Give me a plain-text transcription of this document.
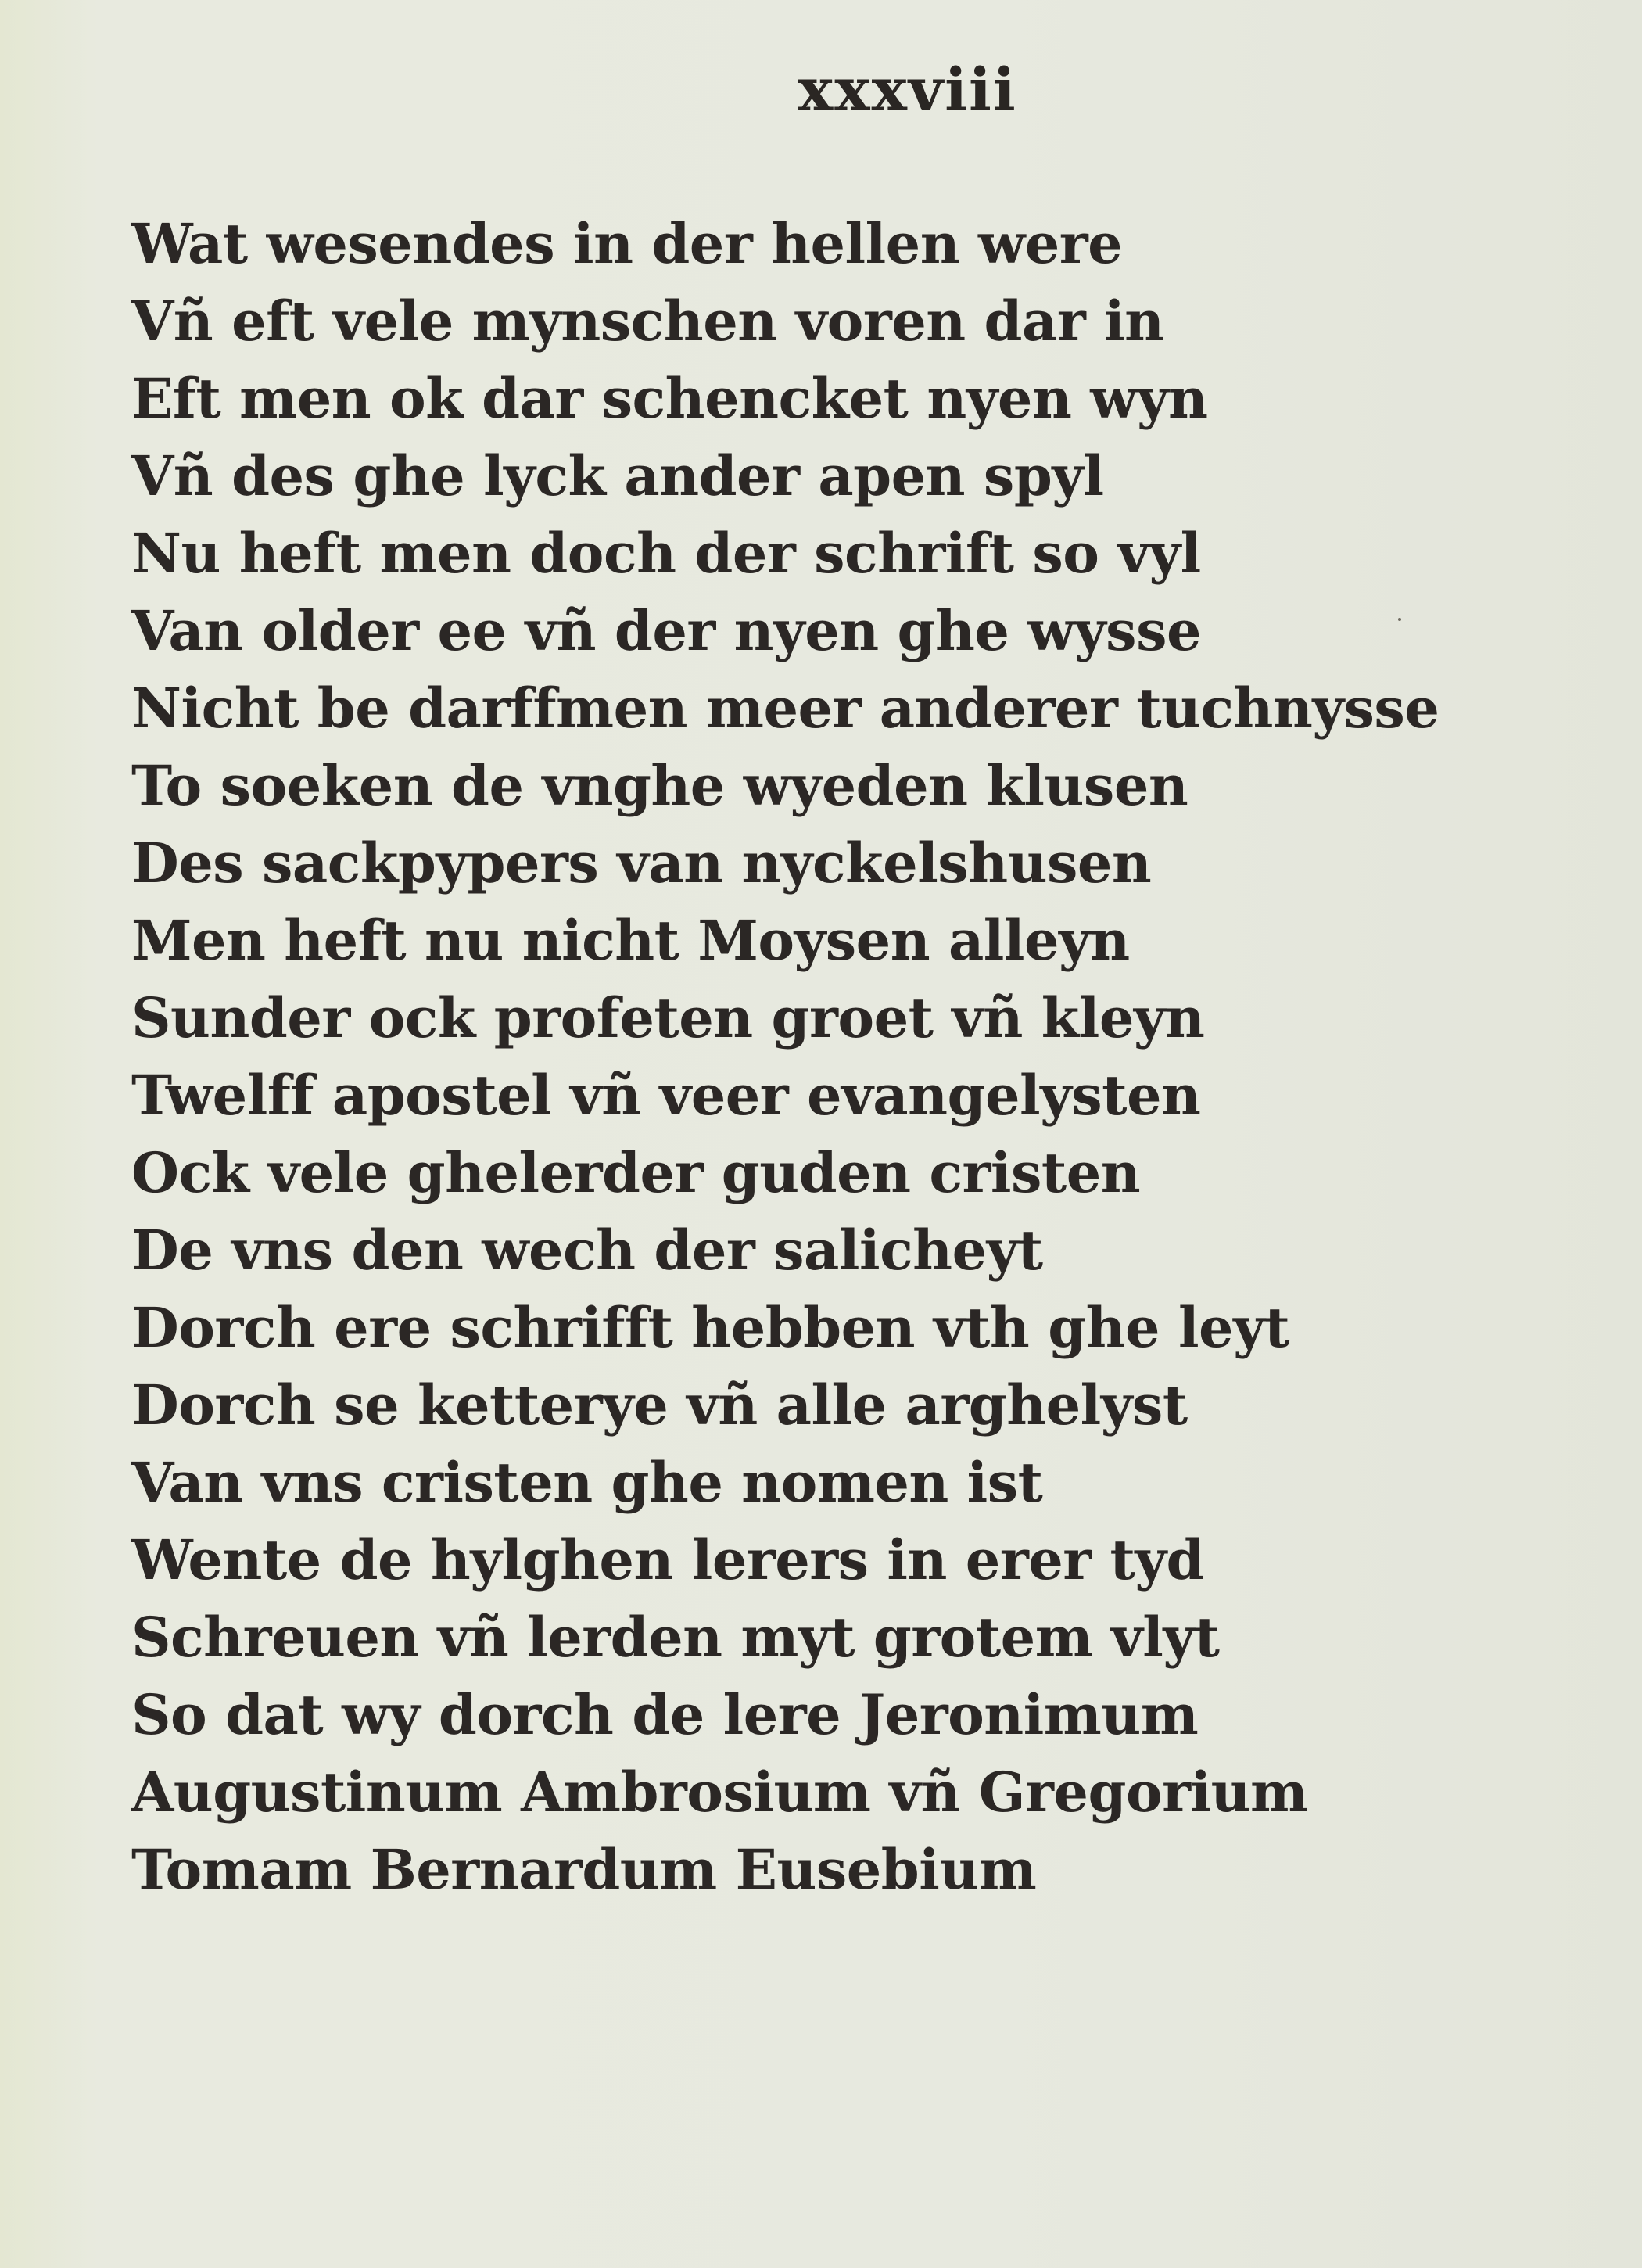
xxxviii
Wat wesendes in der hellen were
Vñ eft vele mynschen voren dar in
Eft men ok dar schencket nyen wyn
Vñ des ghe lyck ander apen spyl
Nu heft men doch der schrift so vyl
Van older ee vñ der nyen ghe wysse
Nicht be darffmen meer anderer tuchnysse
To soeken de vnghe wyeden klusen
Des sackpypers van nyckelshusen
Men heft nu nicht Moysen alleyn
Sunder ock profeten groet vñ kleyn
Twelff apostel vñ veer evangelysten
Ock vele ghelerder guden cristen
De vns den wech der salicheyt
Dorch ere schrifft hebben vth ghe leyt
Dorch se ketterye vñ alle arghelyst
Van vns cristen ghe nomen ist
Wente de hylghen lerers in erer tyd
Schreuen vñ lerden myt grotem vlyt
So dat wy dorch de lere Jeronimum
Augustinum Ambrosium vñ Gregorium
Tomam Bernardum Eusebium
